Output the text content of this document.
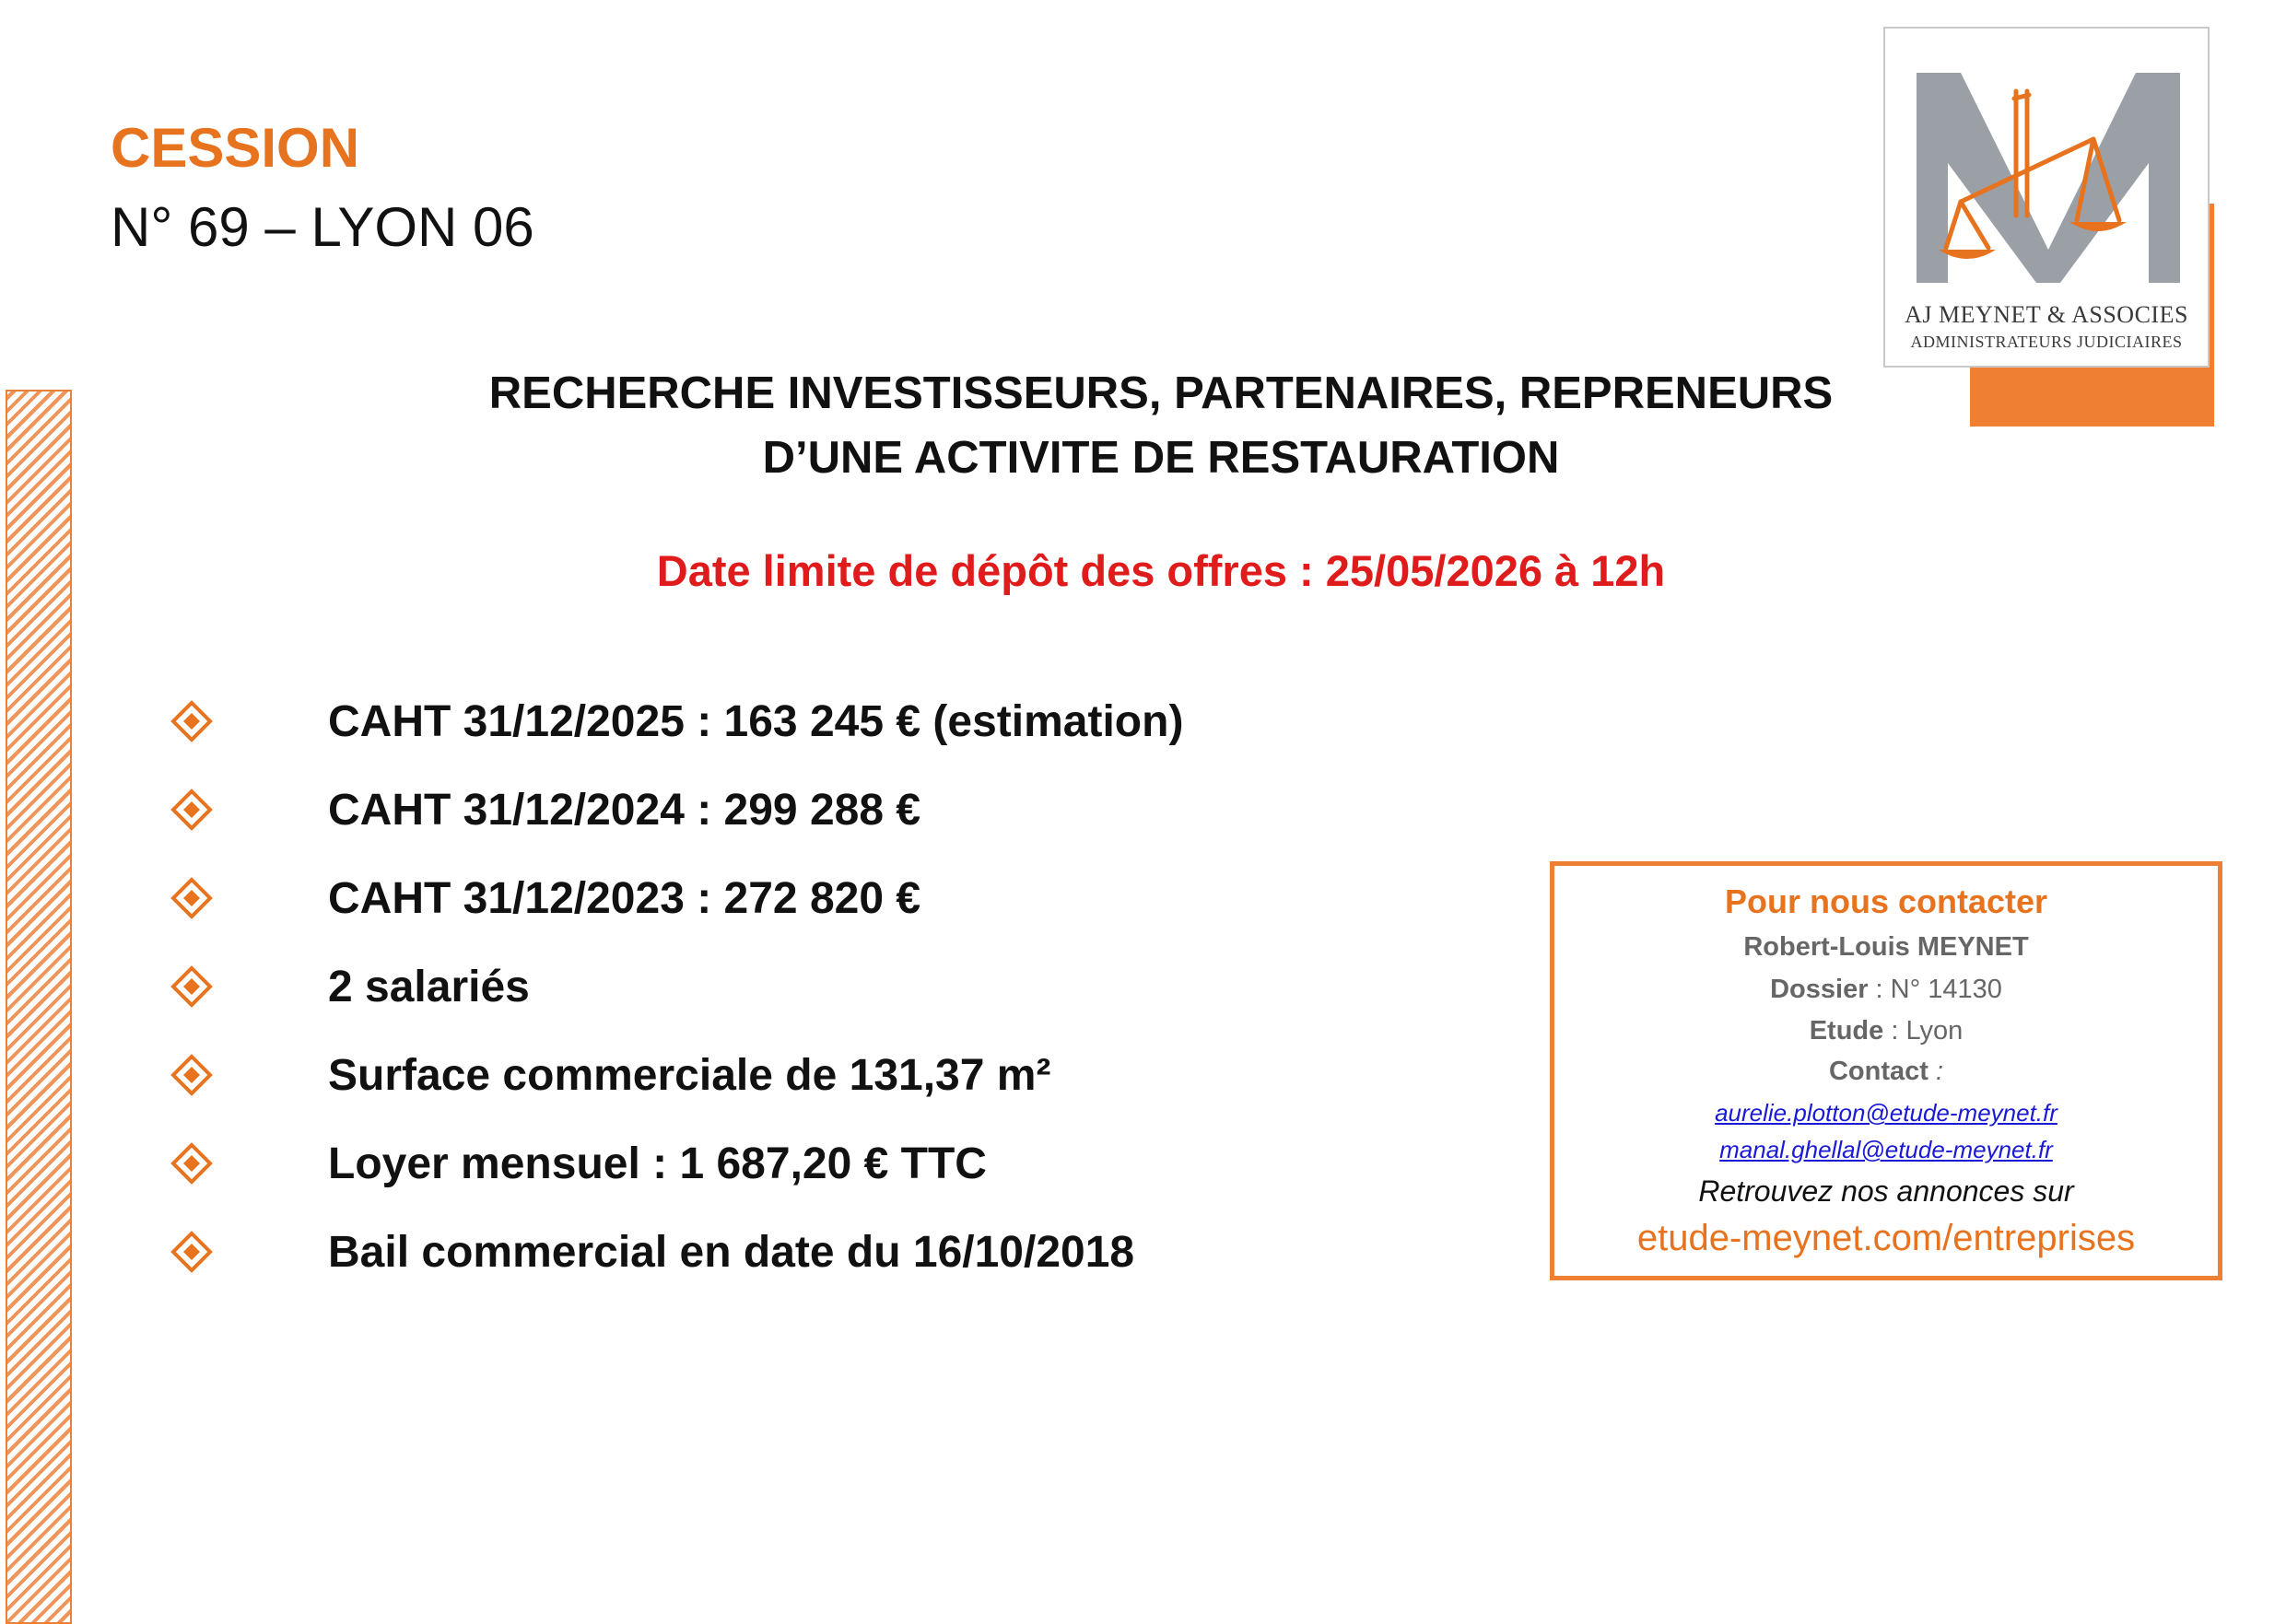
CESSION
N° 69 – LYON 06
AJ MEYNET & ASSOCIES
ADMINISTRATEURS JUDICIAIRES
RECHERCHE INVESTISSEURS, PARTENAIRES, REPRENEURS
D’UNE ACTIVITE DE RESTAURATION
Date limite de dépôt des offres : 25/05/2026 à 12h
CAHT 31/12/2025 : 163 245 € (estimation)
CAHT 31/12/2024 : 299 288 €
CAHT 31/12/2023 : 272 820 €
2 salariés
Surface commerciale de 131,37 m²
Loyer mensuel : 1 687,20 € TTC
Bail commercial en date du 16/10/2018
Pour nous contacter
Robert-Louis MEYNET
Dossier : N° 14130
Etude : Lyon
Contact :
aurelie.plotton@etude-meynet.fr
manal.ghellal@etude-meynet.fr
Retrouvez nos annonces sur
etude-meynet.com/entreprises
